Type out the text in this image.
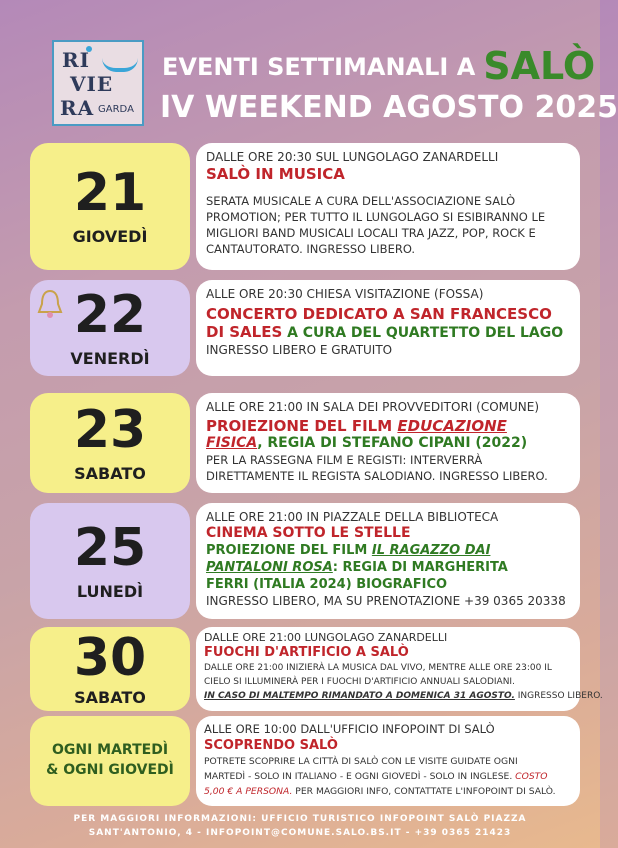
RI
VIE
RA GARDA
EVENTI SETTIMANALI A SALÒ
IV WEEKEND AGOSTO 2025
21
GIOVEDÌ
DALLE ORE 20:30 SUL LUNGOLAGO ZANARDELLI
SALÒ IN MUSICA
SERATA MUSICALE A CURA DELL'ASSOCIAZIONE SALÒ
PROMOTION; PER TUTTO IL LUNGOLAGO SI ESIBIRANNO LE
MIGLIORI BAND MUSICALI LOCALI TRA JAZZ, POP, ROCK E
CANTAUTORATO. INGRESSO LIBERO.
22
VENERDÌ
ALLE ORE 20:30 CHIESA VISITAZIONE (FOSSA)
CONCERTO DEDICATO A SAN FRANCESCO
DI SALES A CURA DEL QUARTETTO DEL LAGO
INGRESSO LIBERO E GRATUITO
23
SABATO
ALLE ORE 21:00 IN SALA DEI PROVVEDITORI (COMUNE)
PROIEZIONE DEL FILM EDUCAZIONE
FISICA, REGIA DI STEFANO CIPANI (2022)
PER LA RASSEGNA FILM E REGISTI: INTERVERRÀ
DIRETTAMENTE IL REGISTA SALODIANO. INGRESSO LIBERO.
25
LUNEDÌ
ALLE ORE 21:00 IN PIAZZALE DELLA BIBLIOTECA
CINEMA SOTTO LE STELLE
PROIEZIONE DEL FILM IL RAGAZZO DAI
PANTALONI ROSA: REGIA DI MARGHERITA
FERRI (ITALIA 2024) BIOGRAFICO
INGRESSO LIBERO, MA SU PRENOTAZIONE +39 0365 20338
30
SABATO
DALLE ORE 21:00 LUNGOLAGO ZANARDELLI
FUOCHI D'ARTIFICIO A SALÒ
DALLE ORE 21:00 INIZIERÀ LA MUSICA DAL VIVO, MENTRE ALLE ORE 23:00 IL
CIELO SI ILLUMINERÀ PER I FUOCHI D'ARTIFICIO ANNUALI SALODIANI.
IN CASO DI MALTEMPO RIMANDATO A DOMENICA 31 AGOSTO. INGRESSO LIBERO.
OGNI MARTEDÌ
& OGNI GIOVEDÌ
ALLE ORE 10:00 DALL'UFFICIO INFOPOINT DI SALÒ
SCOPRENDO SALÒ
POTRETE SCOPRIRE LA CITTÀ DI SALÒ CON LE VISITE GUIDATE OGNI
MARTEDÌ - SOLO IN ITALIANO - E OGNI GIOVEDÌ - SOLO IN INGLESE. COSTO
5,00 € A PERSONA. PER MAGGIORI INFO, CONTATTATE L'INFOPOINT DI SALÒ.
PER MAGGIORI INFORMAZIONI: UFFICIO TURISTICO INFOPOINT SALÒ PIAZZA
SANT'ANTONIO, 4 - INFOPOINT@COMUNE.SALO.BS.IT - +39 0365 21423
